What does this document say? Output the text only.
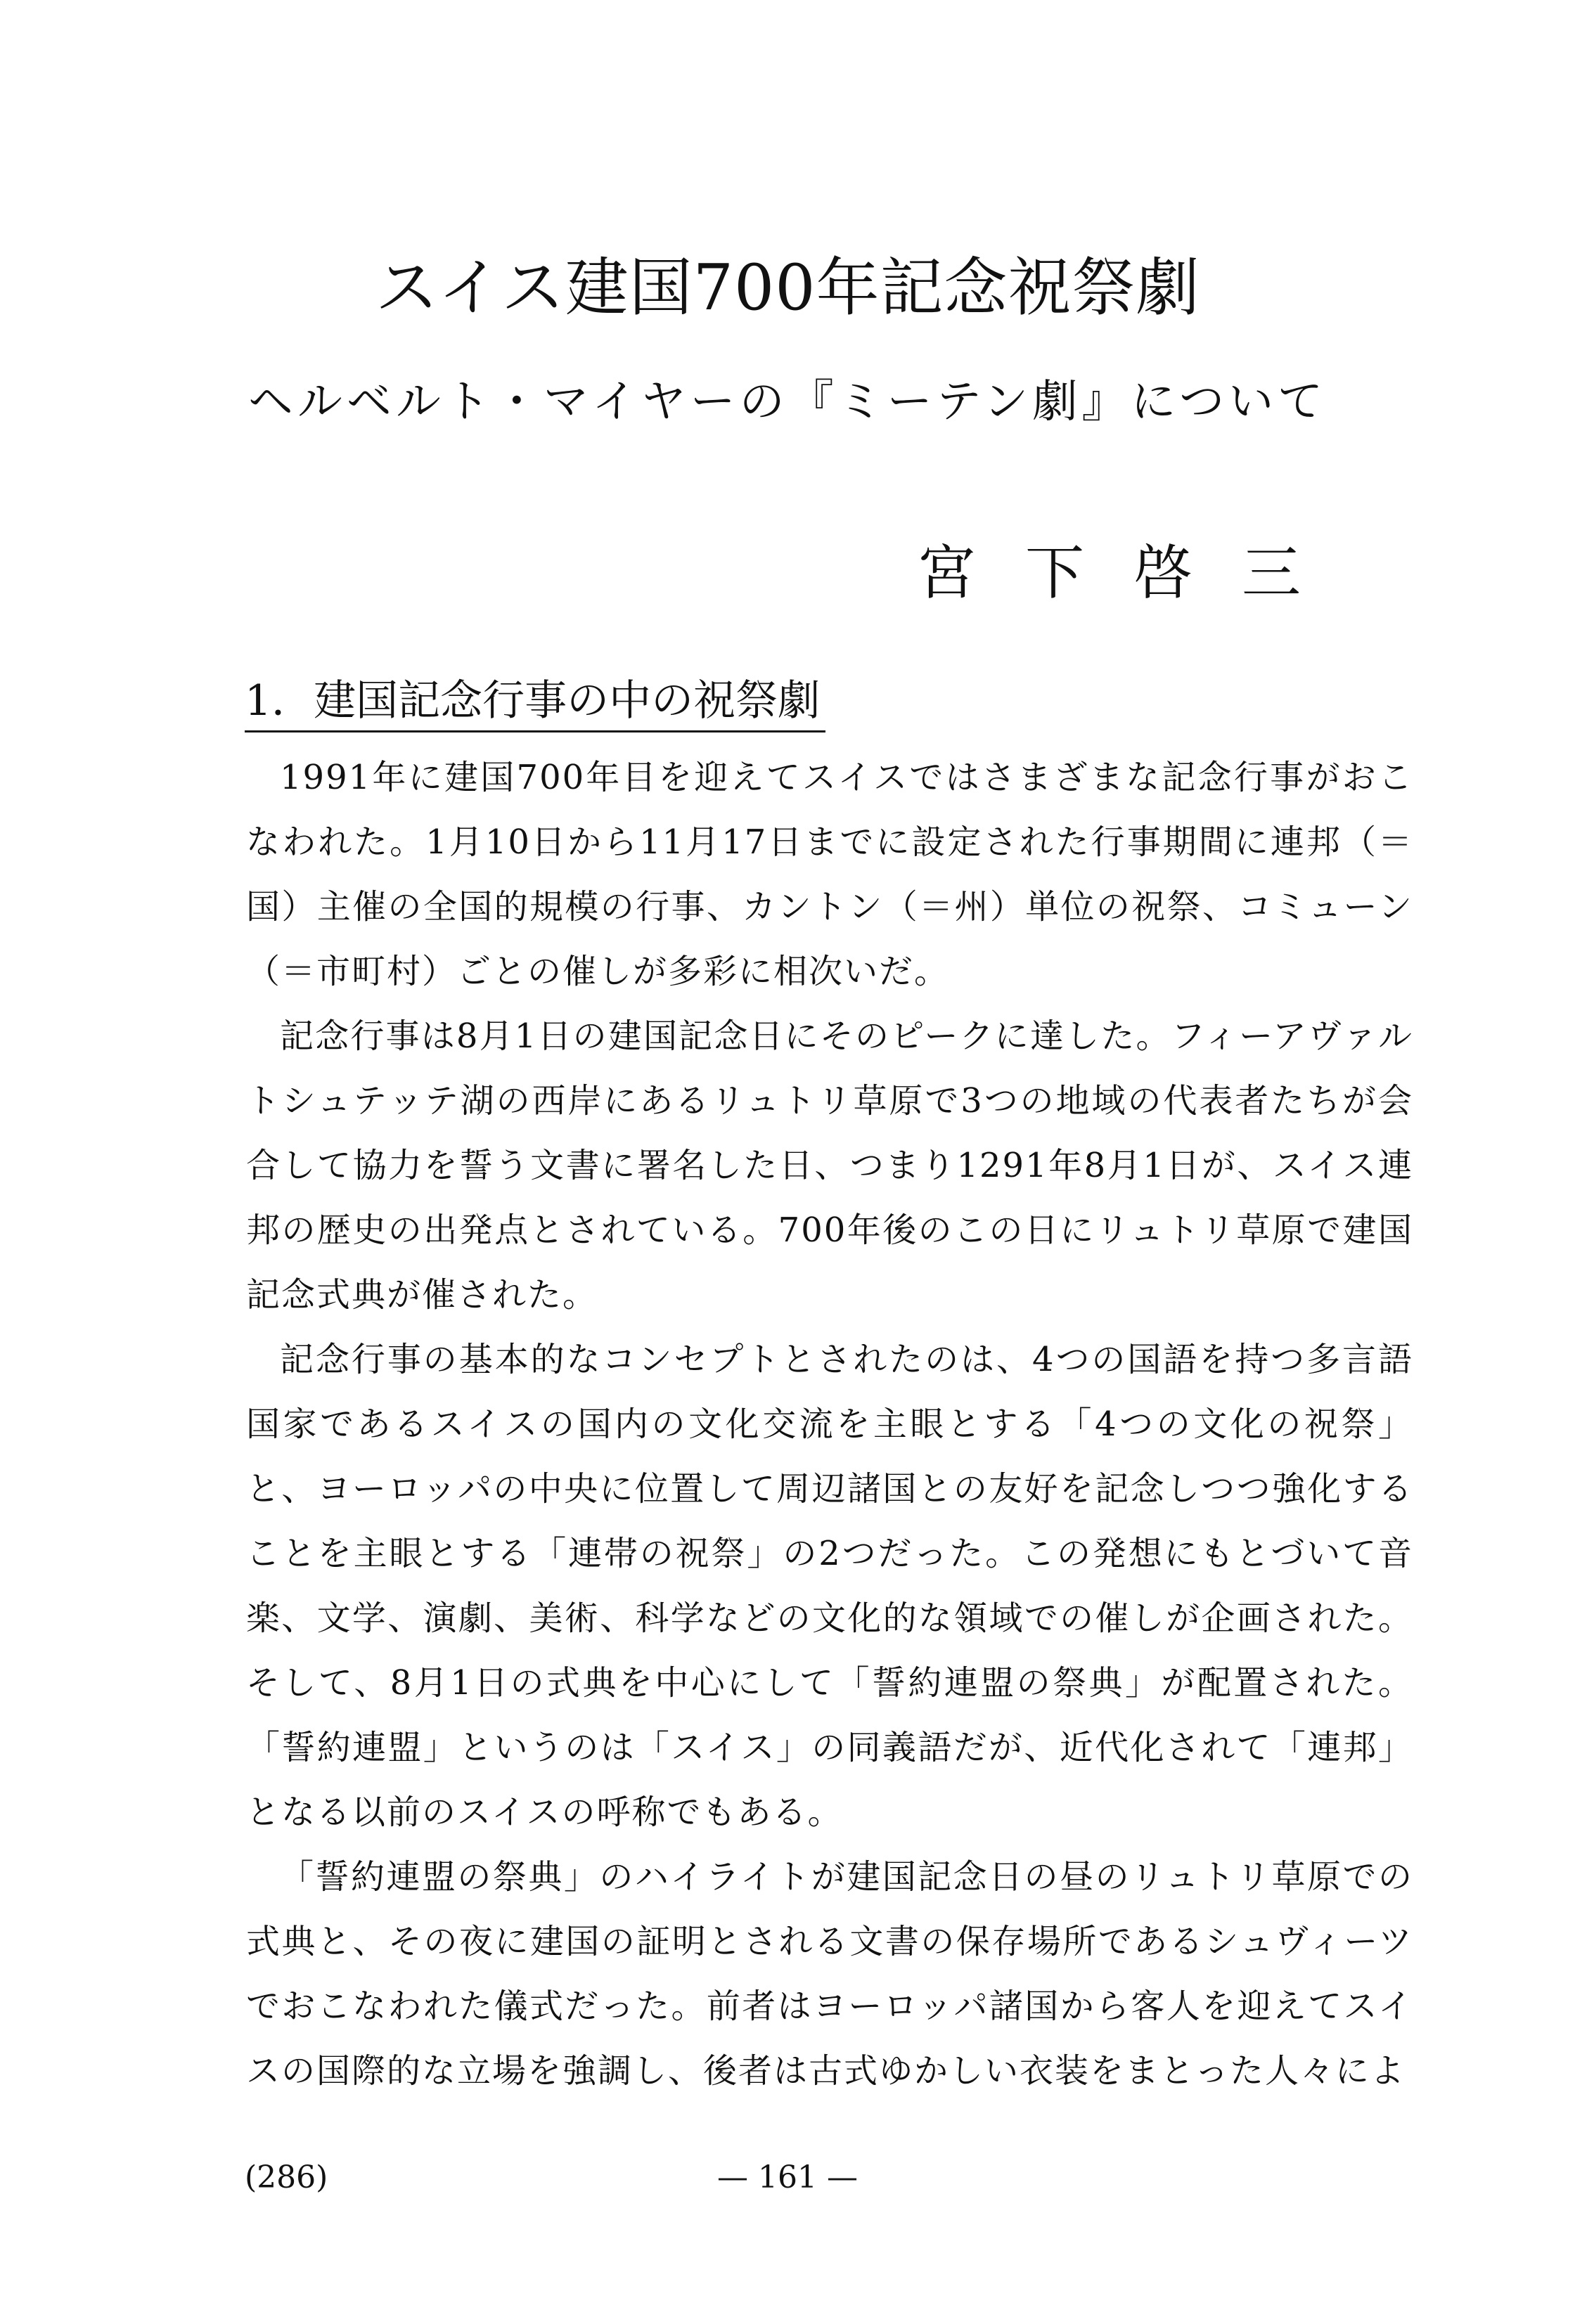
スイス建国700年記念祝祭劇
ヘルベルト・マイヤーの『ミーテン劇』について
宮下啓三
1．建国記念行事の中の祝祭劇

1991年に建国700年目を迎えてスイスではさまざまな記念行事がおこなわれた。1月10日から11月17日までに設定された行事期間に連邦（＝国）主催の全国的規模の行事、カントン（＝州）単位の祝祭、コミューン（＝市町村）ごとの催しが多彩に相次いだ。

記念行事は8月1日の建国記念日にそのピークに達した。フィーアヴァルトシュテッテ湖の西岸にあるリュトリ草原で3つの地域の代表者たちが会合して協力を誓う文書に署名した日、つまり1291年8月1日が、スイス連邦の歴史の出発点とされている。700年後のこの日にリュトリ草原で建国記念式典が催された。

記念行事の基本的なコンセプトとされたのは、4つの国語を持つ多言語国家であるスイスの国内の文化交流を主眼とする「4つの文化の祝祭」と、ヨーロッパの中央に位置して周辺諸国との友好を記念しつつ強化することを主眼とする「連帯の祝祭」の2つだった。この発想にもとづいて音楽、文学、演劇、美術、科学などの文化的な領域での催しが企画された。そして、8月1日の式典を中心にして「誓約連盟の祭典」が配置された。「誓約連盟」というのは「スイス」の同義語だが、近代化されて「連邦」となる以前のスイスの呼称でもある。

「誓約連盟の祭典」のハイライトが建国記念日の昼のリュトリ草原での式典と、その夜に建国の証明とされる文書の保存場所であるシュヴィーツでおこなわれた儀式だった。前者はヨーロッパ諸国から客人を迎えてスイスの国際的な立場を強調し、後者は古式ゆかしい衣装をまとった人々によ

(286)	— 161 —
